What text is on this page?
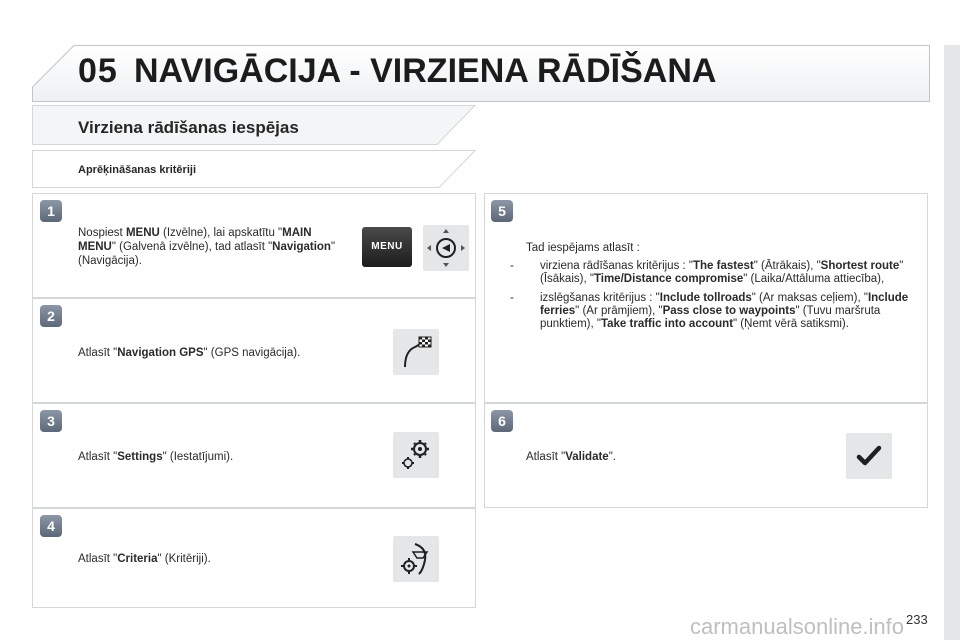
05 NAVIGĀCIJA - VIRZIENA RĀDĪŠANA
Virziena rādīšanas iespējas
Aprēķināšanas kritēriji
1
Nospiest MENU (Izvēlne), lai apskatītu "MAIN MENU" (Galvenā izvēlne), tad atlasīt "Navigation" (Navigācija).
MENU
2
Atlasīt "Navigation GPS" (GPS navigācija).
3
Atlasīt "Settings" (Iestatījumi).
4
Atlasīt "Criteria" (Kritēriji).
5
Tad iespējams atlasīt :
- virziena rādīšanas kritērijus : "The fastest" (Ātrākais), "Shortest route" (Īsākais), "Time/Distance compromise" (Laika/Attāluma attiecība),
- izslēgšanas kritērijus : "Include tollroads" (Ar maksas ceļiem), "Include ferries" (Ar prāmjiem), "Pass close to waypoints" (Tuvu maršruta punktiem), "Take traffic into account" (Ņemt vērā satiksmi).
6
Atlasīt "Validate".
carmanualsonline.info 233
